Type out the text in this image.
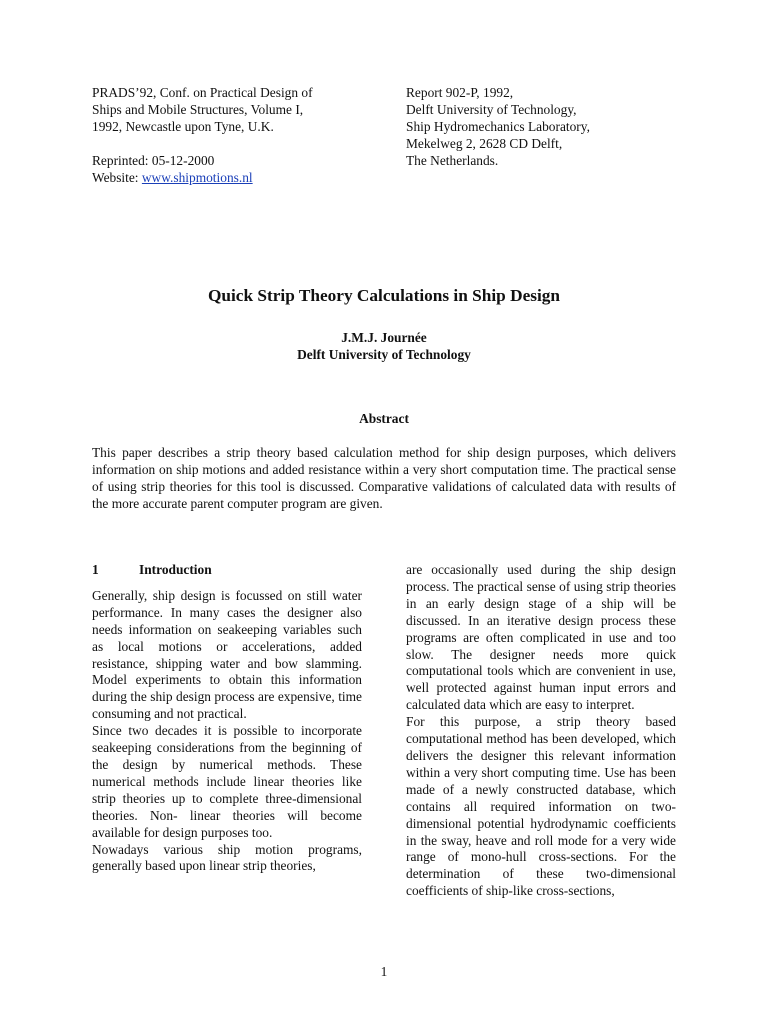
PRADS’92, Conf. on Practical Design of
Ships and Mobile Structures, Volume I,
1992, Newcastle upon Tyne, U.K.
Reprinted: 05-12-2000
Website: www.shipmotions.nl
Report 902-P, 1992,
Delft University of Technology,
Ship Hydromechanics Laboratory,
Mekelweg 2, 2628 CD Delft,
The Netherlands.
Quick Strip Theory Calculations in Ship Design
J.M.J. Journée
Delft University of Technology
Abstract
This paper describes a strip theory based calculation method for ship design purposes, which delivers information on ship motions and added resistance within a very short computation time. The practical sense of using strip theories for this tool is discussed. Comparative validations of calculated data with results of the more accurate parent computer program are given.

1	Introduction

Generally, ship design is focussed on still water performance. In many cases the designer also needs information on seakeeping variables such as local motions or accelerations, added resistance, shipping water and bow slamming. Model experiments to obtain this information during the ship design process are expensive, time consuming and not practical.

Since two decades it is possible to incorporate seakeeping considerations from the beginning of the design by numerical methods. These numerical methods include linear theories like strip theories up to complete three-dimensional theories. Non- linear theories will become available for design purposes too.

Nowadays various ship motion programs, generally based upon linear strip theories,

are occasionally used during the ship design process. The practical sense of using strip theories in an early design stage of a ship will be discussed. In an iterative design process these programs are often complicated in use and too slow. The designer needs more quick computational tools which are convenient in use, well protected against human input errors and calculated data which are easy to interpret.

For this purpose, a strip theory based computational method has been developed, which delivers the designer this relevant information within a very short computing time. Use has been made of a newly constructed database, which contains all required information on two-dimensional potential hydrodynamic coefficients in the sway, heave and roll mode for a very wide range of mono-hull cross-sections. For the determination of these two-dimensional coefficients of ship-like cross-sections,

1
